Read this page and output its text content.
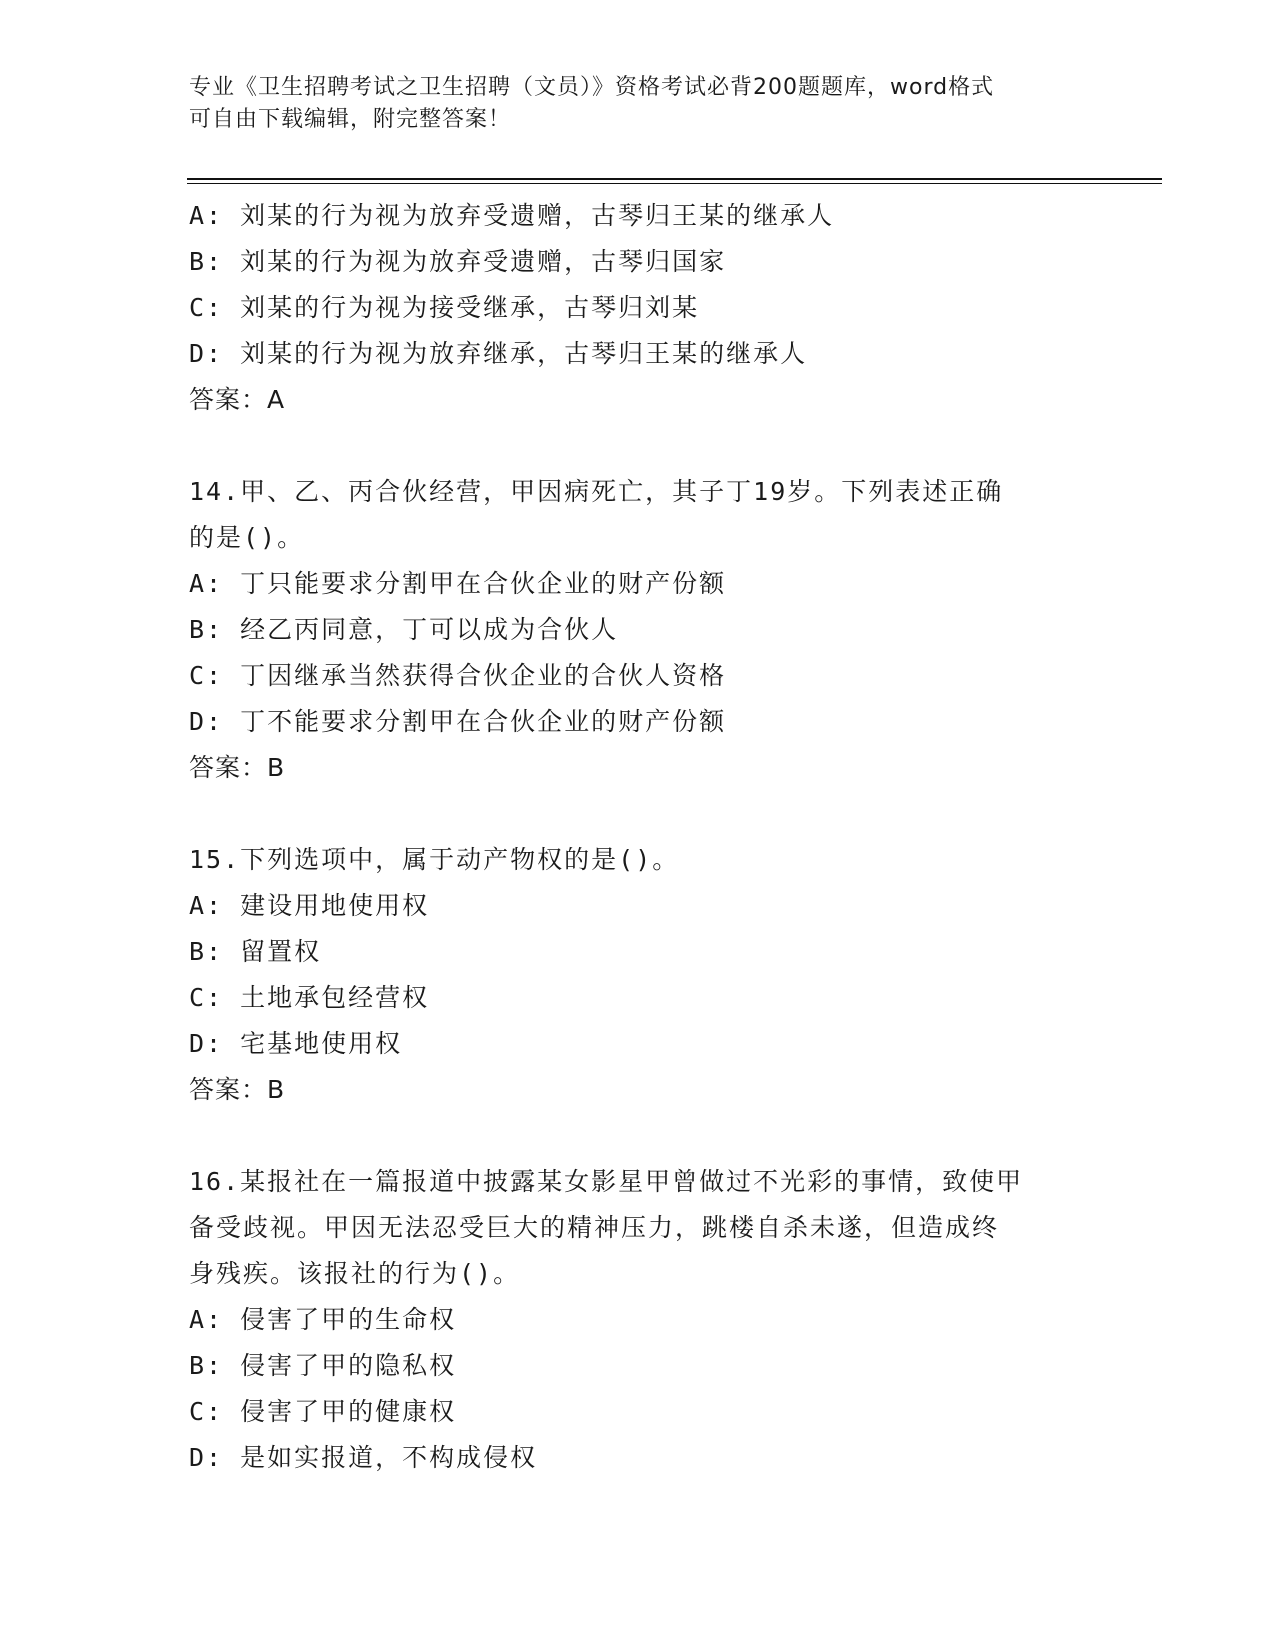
专业《卫生招聘考试之卫生招聘（文员）》资格考试必背200题题库，word格式
可自由下载编辑，附完整答案！
A: 刘某的行为视为放弃受遗赠，古琴归王某的继承人
B: 刘某的行为视为放弃受遗赠，古琴归国家
C: 刘某的行为视为接受继承，古琴归刘某
D: 刘某的行为视为放弃继承，古琴归王某的继承人
答案：A
14.甲、乙、丙合伙经营，甲因病死亡，其子丁19岁。下列表述正确
的是()。
A: 丁只能要求分割甲在合伙企业的财产份额
B: 经乙丙同意，丁可以成为合伙人
C: 丁因继承当然获得合伙企业的合伙人资格
D: 丁不能要求分割甲在合伙企业的财产份额
答案：B
15.下列选项中，属于动产物权的是()。
A: 建设用地使用权
B: 留置权
C: 土地承包经营权
D: 宅基地使用权
答案：B
16.某报社在一篇报道中披露某女影星甲曾做过不光彩的事情，致使甲
备受歧视。甲因无法忍受巨大的精神压力，跳楼自杀未遂，但造成终
身残疾。该报社的行为()。
A: 侵害了甲的生命权
B: 侵害了甲的隐私权
C: 侵害了甲的健康权
D: 是如实报道，不构成侵权
